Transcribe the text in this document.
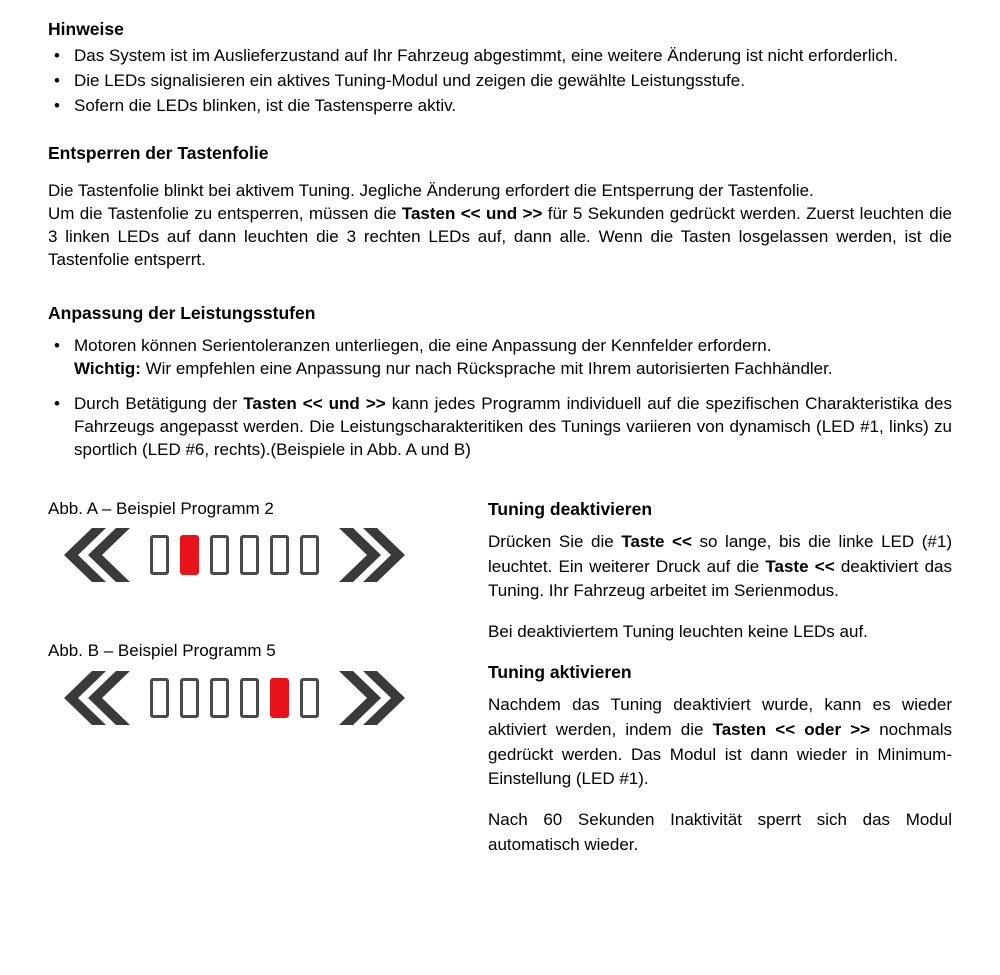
Hinweise
• Das System ist im Auslieferzustand auf Ihr Fahrzeug abgestimmt, eine weitere Änderung ist nicht erforderlich.
• Die LEDs signalisieren ein aktives Tuning-Modul und zeigen die gewählte Leistungsstufe.
• Sofern die LEDs blinken, ist die Tastensperre aktiv.
Entsperren der Tastenfolie

Die Tastenfolie blinkt bei aktivem Tuning. Jegliche Änderung erfordert die Entsperrung der Tastenfolie.

Um die Tastenfolie zu entsperren, müssen die Tasten << und >> für 5 Sekunden gedrückt werden. Zuerst leuchten die 3 linken LEDs auf dann leuchten die 3 rechten LEDs auf, dann alle. Wenn die Tasten losgelassen werden, ist die Tastenfolie entsperrt.

Anpassung der Leistungsstufen
• Motoren können Serientoleranzen unterliegen, die eine Anpassung der Kennfelder erfordern.
Wichtig: Wir empfehlen eine Anpassung nur nach Rücksprache mit Ihrem autorisierten Fachhändler.
• Durch Betätigung der Tasten << und >> kann jedes Programm individuell auf die spezifischen Charakteristika des Fahrzeugs angepasst werden. Die Leistungscharakteritiken des Tunings variieren von dynamisch (LED #1, links) zu sportlich (LED #6, rechts).(Beispiele in Abb. A und B)

Abb. A – Beispiel Programm 2

Abb. B – Beispiel Programm 5

Tuning deaktivieren

Drücken Sie die Taste << so lange, bis die linke LED (#1) leuchtet. Ein weiterer Druck auf die Taste << deaktiviert das Tuning. Ihr Fahrzeug arbeitet im Serienmodus.

Bei deaktiviertem Tuning leuchten keine LEDs auf.

Tuning aktivieren

Nachdem das Tuning deaktiviert wurde, kann es wieder aktiviert werden, indem die Tasten << oder >> nochmals gedrückt werden. Das Modul ist dann wieder in Minimum-Einstellung (LED #1).

Nach 60 Sekunden Inaktivität sperrt sich das Modul automatisch wieder.
